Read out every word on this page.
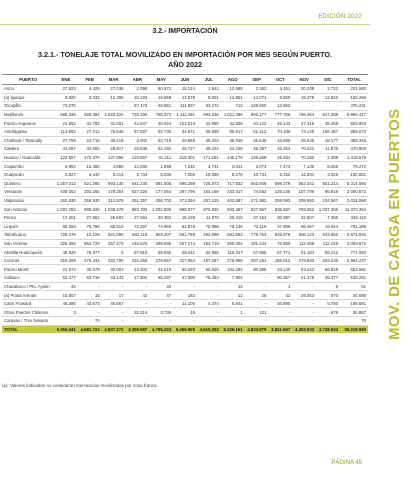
EDICIÓN 2022
3.2.- IMPORTACIÓN
3.2.1.- TONELAJE TOTAL MOVILIZADO EN IMPORTACIÓN POR MES SEGÚN PUERTO.
AÑO 2022
PUERTO	ENE	FEB	MAR	ABR	MAY	JUN	JUL	AGO	SEP	OCT	NOV	DIC	TOTAL
Arica	27.923	4.429	27.036	2.098	80.671	15.124	1.942	12.865	2.352	4.151	20.209	2.722	201.580
(a) Iquique	8.500	3.332	12.395	10.193	19.668	13.578	9.601	14.851	14.071	8.850	18.378	12.842	150.256
Tocopilla	73.070	-	-	87.473	-48.961	111.097	93.272	713	128.600	13.962	-	-	376.231
Mejillones	586.335	825.384	1.020.422	726.190	756.373	1.111.491	894.336	1.011.499	892.177	777.766	766.464	817.288	9.866.417
Puerto Angamos	21.552	32.782	31.001	42.647	30.024	102.013	24.990	32.925	34.122	45.143	27.416	35.408	503.853
Antofagasta	113.552	27.213	75.546	87.597	92.735	34.871	35.838	90.517	51.212	70.336	74.145	106.187	859.570
Chañaral / Taracatly	27.759	24.718	35.419	3.002	52.719	20.665	48.203	45.936	35.648	15.886	25.045	18.177	359.348
Caldera	41.097	32.900	28.817	20.846	52.192	26.727	49.224	24.228	46.397	32.254	70.421	11.876	470.900
Huasco / Guacolda	122.557	173.476	137.966	133.857	31.211	219.301	171.181	145.179	135.669	25.481	70.192	2.398	1.418.675
Coquimbo	6.964	15.460	4.869	12.000	1.898	7.232	4.731	8.311	3.073	7.473	7.135	6.665	79.272
Guayacán	5.827	4.440	5.213	5.734	5.036	7.006	19.595	8.275	10.731	5.152	12.391	3.025	100.061
Quintero	1.267.312	621.285	693.130	641.230	891.506	695.298	725.873	717.832	562.948	598.379	552.341	551.214	8.314.066
Ventanas	108.053	203.255	178.304	527.326	177.054	297.796	164.169	243.417	74.562	135.145	107.796	95.916	2.000.572
Valparaíso	262.830	258.930	312.978	251.357	256.703	273.394	257.125	402.987	271.982	258.093	208.993	234.567	3.031.590
San Antonio	1.002.352	990.626	1.039.478	983.783	1.093.809	998.977	976.830	933.467	927.967	836.687	793.052	1.037.266	11.373.394
Penco	17.201	27.962	26.503	27.694	30.393	15.439	11.970	29.319	37.154	30.397	22.607	7.266	345.110
Lirquén	96.253	76.788	68.612	72.297	74.966	62.878	75.998	79.149	72.119	37.899	85.467	19.644	791.185
Talcahuano	729.276	10.105	521.090	602.118	504.207	661.785	494.099	581.553	778.763	626.579	506.123	543.652	6.571.835
San Vicente	326.385	854.729	257.273	146.520	298.895	257.174	194.719	265.004	191.444	76.889	112.488	112.249	3.093.571
Abatilla Hualcópuén	45.826	76.377	5	67.910	55.565	66.611	32.966	116.227	67.965	87.771	61.184	89.212	771.083
Coronel	318.269	275.434	232.790	232.268	275.667	317.064	197.287	276.986	287.261	188.012	278.993	283.236	2.964.237
Puerto Montt	21.874	35.679	30.003	13.302	42.210	50.293	50.520	102.294	90.865	23.140	63.442	56.918	653.691
Calbuco	53.477	63.716	33.143	17.502	65.297	47.000	78.453	7.904	-	90.367	41.475	35.377	539.281
Chacabuco / Pto. Aysén	45	-	-	-	33	-	-	13	-	1	-	8	61
(a) Punta Arenas	16.657	15	17	42	47	182	-	12	28	42	29.053	670	46.690
Cabo Froward	45.386	43.673	45.867	-	-	11.100	4.374	5.841	-	36.890	-	5.750	198.681
Otros Puertos Chilenos	3	-	-	32.314	3.736	15	-	1	121	-	-	679	36.867
Caravan / Tres Navarin	-	76	-	-	-	-	-	-	-	-	-	-	76
TOTAL	5.356.341	4.681.724	4.837.272	4.359.987	4.795.224	5.466.905	4.615.254	5.226.161	4.833.979	3.821.967	4.303.003	3.728.634	56.219.969
(a): Valores indicados no consideran mercancías movilizadas por zona franca
MOV. DE CARGA EN PUERTOS
PÁGINA 45
